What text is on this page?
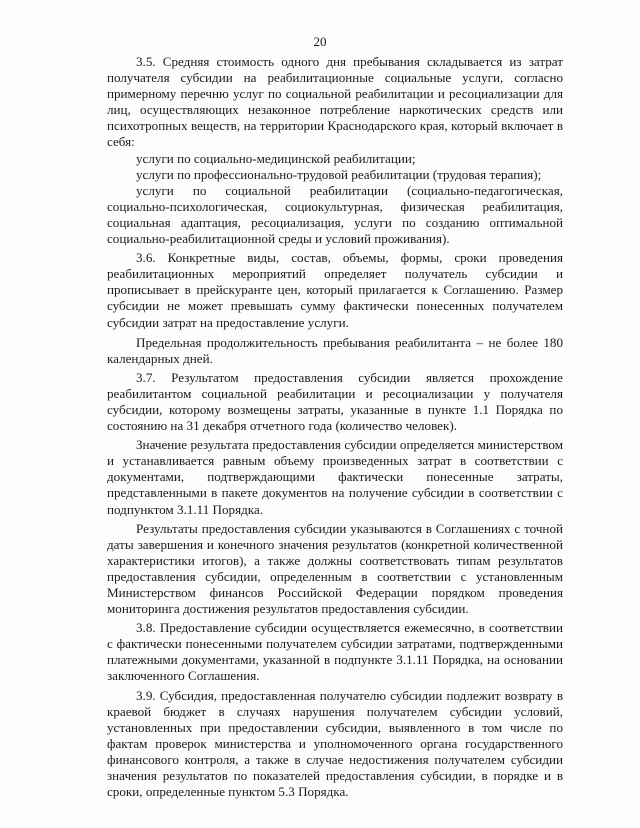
20

3.5. Средняя стоимость одного дня пребывания складывается из затрат получателя субсидии на реабилитационные социальные услуги, согласно примерному перечню услуг по социальной реабилитации и ресоциализации для лиц, осуществляющих незаконное потребление наркотических средств или психотропных веществ, на территории Краснодарского края, который включает в себя:

услуги по социально-медицинской реабилитации;

услуги по профессионально-трудовой реабилитации (трудовая терапия);

услуги по социальной реабилитации (социально-педагогическая, социально-психологическая, социокультурная, физическая реабилитация, социальная адаптация, ресоциализация, услуги по созданию оптимальной социально-реабилитационной среды и условий проживания).

3.6. Конкретные виды, состав, объемы, формы, сроки проведения реабилитационных мероприятий определяет получатель субсидии и прописывает в прейскуранте цен, который прилагается к Соглашению. Размер субсидии не может превышать сумму фактически понесенных получателем субсидии затрат на предоставление услуги.

Предельная продолжительность пребывания реабилитанта – не более 180 календарных дней.

3.7. Результатом предоставления субсидии является прохождение реабилитантом социальной реабилитации и ресоциализации у получателя субсидии, которому возмещены затраты, указанные в пункте 1.1 Порядка по состоянию на 31 декабря отчетного года (количество человек).

Значение результата предоставления субсидии определяется министерством и устанавливается равным объему произведенных затрат в соответствии с документами, подтверждающими фактически понесенные затраты, представленными в пакете документов на получение субсидии в соответствии с подпунктом 3.1.11 Порядка.

Результаты предоставления субсидии указываются в Соглашениях с точной даты завершения и конечного значения результатов (конкретной количественной характеристики итогов), а также должны соответствовать типам результатов предоставления субсидии, определенным в соответствии с установленным Министерством финансов Российской Федерации порядком проведения мониторинга достижения результатов предоставления субсидии.

3.8. Предоставление субсидии осуществляется ежемесячно, в соответствии с фактически понесенными получателем субсидии затратами, подтвержденными платежными документами, указанной в подпункте 3.1.11 Порядка, на основании заключенного Соглашения.

3.9. Субсидия, предоставленная получателю субсидии подлежит возврату в краевой бюджет в случаях нарушения получателем субсидии условий, установленных при предоставлении субсидии, выявленного в том числе по фактам проверок министерства и уполномоченного органа государственного финансового контроля, а также в случае недостижения получателем субсидии значения результатов по показателей предоставления субсидии, в порядке и в сроки, определенные пунктом 5.3 Порядка.
